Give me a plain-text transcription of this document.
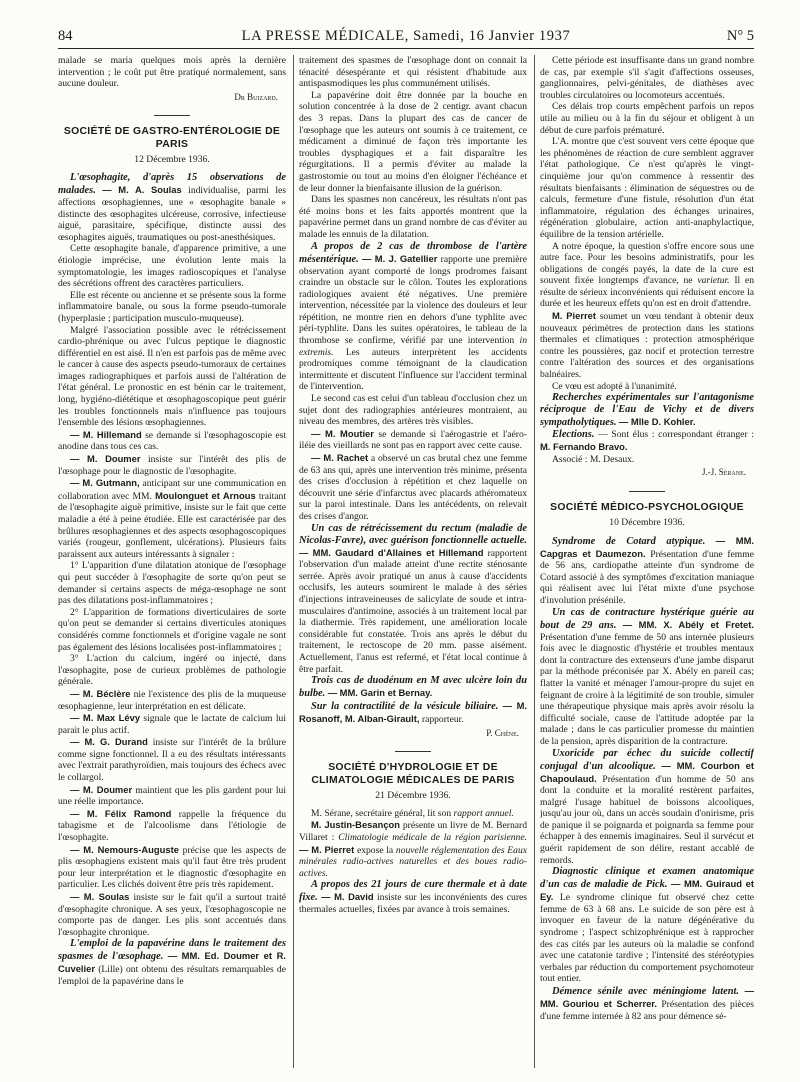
84	LA PRESSE MÉDICALE, Samedi, 16 Janvier 1937	N° 5

malade se maria quelques mois après la dernière intervention ; le coût put être pratiqué normalement, sans aucune douleur.

Dr Buizard.
SOCIÉTÉ DE GASTRO-ENTÉROLOGIE DE PARIS
12 Décembre 1936.

L'œsophagite, d'après 15 observations de malades. — M. A. Soulas individualise, parmi les affections œsophagiennes, une « œsophagite banale » distincte des œsophagites ulcéreuse, corrosive, infectieuse aiguë, parasitaire, spécifique, distincte aussi des œsophagites aiguës, traumatiques ou post-anesthésiques.

Cette œsophagite banale, d'apparence primitive, a une étiologie imprécise, une évolution lente mais la symptomatologie, les images radioscopiques et l'analyse des sécrétions offrent des caractères particuliers.

Elle est récente ou ancienne et se présente sous la forme inflammatoire banale, ou sous la forme pseudo-tumorale (hyperplasie ; participation musculo-muqueuse).

Malgré l'association possible avec le rétrécissement cardio-phrénique ou avec l'ulcus peptique le diagnostic différentiel en est aisé. Il n'en est parfois pas de même avec le cancer à cause des aspects pseudo-tumoraux de certaines images radiographiques et parfois aussi de l'altération de l'état général. Le pronostic en est bénin car le traitement, long, hygiéno-diététique et œsophagoscopique peut guérir les troubles fonctionnels mais n'influence pas toujours l'ensemble des lésions œsophagiennes.

— M. Hillemand se demande si l'œsophagoscopie est anodine dans tous ces cas.

— M. Doumer insiste sur l'intérêt des plis de l'œsophage pour le diagnostic de l'œsophagite.

— M. Gutmann, anticipant sur une communication en collaboration avec MM. Moulonguet et Arnous traitant de l'œsophagite aiguë primitive, insiste sur le fait que cette maladie a été à peine étudiée. Elle est caractérisée par des brûlures œsophagiennes et des aspects œsophagoscopiques variés (rougeur, gonflement, ulcérations). Plusieurs faits paraissent aux auteurs intéressants à signaler :

1° L'apparition d'une dilatation atonique de l'œsophage qui peut succéder à l'œsophagite de sorte qu'on peut se demander si certains aspects de méga-œsophage ne sont pas des dilatations post-inflammatoires ;

2° L'apparition de formations diverticulaires de sorte qu'on peut se demander si certains diverticules atoniques considérés comme fonctionnels et d'origine vagale ne sont pas également des lésions localisées post-inflammatoires ;

3° L'action du calcium, ingéré ou injecté, dans l'œsophagite, pose de curieux problèmes de pathologie générale.

— M. Béclère nie l'existence des plis de la muqueuse œsophagienne, leur interprétation en est délicate.

— M. Max Lévy signale que le lactate de calcium lui parait le plus actif.

— M. G. Durand insiste sur l'intérêt de la brûlure comme signe fonctionnel. Il a eu des résultats intéressants avec l'extrait parathyroïdien, mais toujours des échecs avec le collargol.

— M. Doumer maintient que les plis gardent pour lui une réelle importance.

— M. Félix Ramond rappelle la fréquence du tabagisme et de l'alcoolisme dans l'étiologie de l'œsophagite.

— M. Nemours-Auguste précise que les aspects de plis œsophagiens existent mais qu'il faut être très prudent pour leur interprétation et le diagnostic d'œsophagite en particulier. Les clichés doivent être pris très rapidement.

— M. Soulas insiste sur le fait qu'il a surtout traité d'œsophagite chronique. A ses yeux, l'œsophagoscopie ne comporte pas de danger. Les plis sont accentués dans l'œsophagite chronique.

L'emploi de la papavérine dans le traitement des spasmes de l'œsophage. — MM. Ed. Doumer et R. Cuvelier (Lille) ont obtenu des résultats remarquables de l'emploi de la papavérine dans le

traitement des spasmes de l'œsophage dont on connait la ténacité désespérante et qui résistent d'habitude aux antispasmodiques les plus communément utilisés.

La papavérine doit être donnée par la bouche en solution concentrée à la dose de 2 centigr. avant chacun des 3 repas. Dans la plupart des cas de cancer de l'œsophage que les auteurs ont soumis à ce traitement, ce médicament a diminué de façon très importante les troubles dysphagiques et a fait disparaître les régurgitations. Il a permis d'éviter au malade la gastrostomie ou tout au moins d'en éloigner l'échéance et de leur donner la bienfaisante illusion de la guérison.

Dans les spasmes non cancéreux, les résultats n'ont pas été moins bons et les faits apportés montrent que la papavérine permet dans un grand nombre de cas d'éviter au malade les ennuis de la dilatation.

A propos de 2 cas de thrombose de l'artère mésentérique. — M. J. Gatellier rapporte une première observation ayant comporté de longs prodromes faisant craindre un obstacle sur le côlon. Toutes les explorations radiologiques avaient été négatives. Une première intervention, nécessitée par la violence des douleurs et leur répétition, ne montre rien en dehors d'une typhlite avec péri-typhlite. Dans les suites opératoires, le tableau de la thrombose se confirme, vérifié par une intervention in extremis. Les auteurs interprètent les accidents prodromiques comme témoignant de la claudication intermittente et discutent l'influence sur l'accident terminal de l'intervention.

Le second cas est celui d'un tableau d'occlusion chez un sujet dont des radiographies antérieures montraient, au niveau des membres, des artères très visibles.

— M. Moutier se demande si l'aérogastrie et l'aéro-iléie des vieillards ne sont pas en rapport avec cette cause.

— M. Rachet a observé un cas brutal chez une femme de 63 ans qui, après une intervention très minime, présenta des crises d'occlusion à répétition et chez laquelle on découvrit une série d'infarctus avec placards athéromateux sur la paroi intestinale. Dans les antécédents, on relevait des crises d'angor.

Un cas de rétrécissement du rectum (maladie de Nicolas-Favre), avec guérison fonctionnelle actuelle. — MM. Gaudard d'Allaines et Hillemand rapportent l'observation d'un malade atteint d'une rectite sténosante serrée. Après avoir pratiqué un anus à cause d'accidents occlusifs, les auteurs soumirent le malade à des séries d'injections intraveineuses de salicylate de soude et intra-musculaires d'antimoine, associés à un traitement local par la diathermie. Très rapidement, une amélioration locale considérable fut constatée. Trois ans après le début du traitement, le rectoscope de 20 mm. passe aisément. Actuellement, l'anus est refermé, et l'état local continue à être parfait.

Trois cas de duodénum en M avec ulcère loin du bulbe. — MM. Garin et Bernay.

Sur la contractilité de la vésicule biliaire. — M. Rosanoff, M. Alban-Girault, rapporteur.

P. Chêne.
SOCIÉTÉ D'HYDROLOGIE ET DE CLIMATOLOGIE MÉDICALES DE PARIS
21 Décembre 1936.

M. Sérane, secrétaire général, lit son rapport annuel.

M. Justin-Besançon présente un livre de M. Bernard Villaret : Climatologie médicale de la région parisienne. — M. Pierret expose la nouvelle réglementation des Eaux minérales radio-actives naturelles et des boues radio-actives.

A propos des 21 jours de cure thermale et à date fixe. — M. David insiste sur les inconvénients des cures thermales actuelles, fixées par avance à trois semaines.

Cette période est insuffisante dans un grand nombre de cas, par exemple s'il s'agit d'affections osseuses, ganglionnaires, pelvi-génitales, de diathèses avec troubles circulatoires ou locomoteurs accentués.

Ces délais trop courts empêchent parfois un repos utile au milieu ou à la fin du séjour et obligent à un début de cure parfois prématuré.

L'A. montre que c'est souvent vers cette époque que les phénomènes de réaction de cure semblent aggraver l'état pathologique. Ce n'est qu'après le vingt-cinquième jour qu'on commence à ressentir des résultats bienfaisants : élimination de séquestres ou de calculs, fermeture d'une fistule, résolution d'un état inflammatoire, régulation des échanges urinaires, régénération globulaire, action anti-anaphylactique, équilibre de la tension artérielle.

A notre époque, la question s'offre encore sous une autre face. Pour les besoins administratifs, pour les obligations de congés payés, la date de la cure est souvent fixée longtemps d'avance, ne varietur. Il en résulte de sérieux inconvénients qui réduisent encore la durée et les heureux effets qu'on est en droit d'attendre.

M. Pierret soumet un vœu tendant à obtenir deux nouveaux périmètres de protection dans les stations thermales et climatiques : protection atmosphérique contre les poussières, gaz nocif et protection terrestre contre l'altération des sources et des organisations balnéaires.

Ce vœu est adopté à l'unanimité.

Recherches expérimentales sur l'antagonisme réciproque de l'Eau de Vichy et de divers sympatholytiques. — Mlle D. Kohler.

Elections. — Sont élus : correspondant étranger : M. Fernando Bravo.

Associé : M. Desaux.

J.-J. Sérane.
SOCIÉTÉ MÉDICO-PSYCHOLOGIQUE
10 Décembre 1936.

Syndrome de Cotard atypique. — MM. Capgras et Daumezon. Présentation d'une femme de 56 ans, cardiopathe atteinte d'un syndrome de Cotard associé à des symptômes d'excitation maniaque qui réalisent avec lui l'état mixte d'une psychose d'involution présénile.

Un cas de contracture hystérique guérie au bout de 29 ans. — MM. X. Abély et Fretet. Présentation d'une femme de 50 ans internée plusieurs fois avec le diagnostic d'hystérie et troubles mentaux dont la contracture des extenseurs d'une jambe disparut par la méthode préconisée par X. Abély en pareil cas; flatter la vanité et ménager l'amour-propre du sujet en feignant de croire à la légitimité de son trouble, simuler une thérapeutique physique mais après avoir résolu la difficulté sociale, cause de l'attitude adoptée par la malade ; dans le cas particulier promesse du maintien de la pension, après disparition de la contracture.

Uxoricide par échec du suicide collectif conjugal d'un alcoolique. — MM. Courbon et Chapoulaud. Présentation d'un homme de 50 ans dont la conduite et la moralité restèrent parfaites, malgré l'usage habituel de boissons alcooliques, jusqu'au jour où, dans un accès soudain d'onirisme, pris de panique il se poignarda et poignarda sa femme pour échapper à des ennemis imaginaires. Seul il survécut et guérit rapidement de son délire, restant accablé de remords.

Diagnostic clinique et examen anatomique d'un cas de maladie de Pick. — MM. Guiraud et Ey. Le syndrome clinique fut observé chez cette femme de 63 à 68 ans. Le suicide de son père est à invoquer en faveur de la nature dégénérative du syndrome ; l'aspect schizophrénique est à rapprocher des cas cités par les auteurs où la maladie se confond avec une catatonie tardive ; l'intensité des stéréotypies verbales par réduction du comportement psychomoteur tout entier.

Démence sénile avec méningiome latent. — MM. Gouriou et Scherrer. Présentation des pièces d'une femme internée à 82 ans pour démence sé-
